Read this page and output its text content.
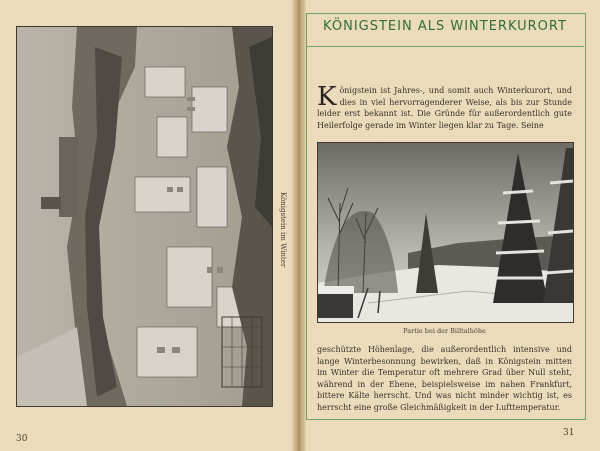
Königstein im Winter
30
KÖNIGSTEIN ALS WINTERKURORT

Königstein ist Jahres-, und somit auch Winterkurort, und dies in viel hervorragenderer Weise, als bis zur Stunde leider erst bekannt ist. Die Gründe für außerordentlich gute Heilerfolge gerade im Winter liegen klar zu Tage. Seine

Partie bei der Billtalhöhe

geschützte Höhenlage, die außerordentlich intensive und lange Winterbesonnung bewirken, daß in Königstein mitten im Winter die Temperatur oft mehrere Grad über Null steht, während in der Ebene, beispielsweise im nahen Frankfurt, bittere Kälte herrscht. Und was nicht minder wichtig ist, es herrscht eine große Gleichmäßigkeit in der Lufttemperatur.

31
